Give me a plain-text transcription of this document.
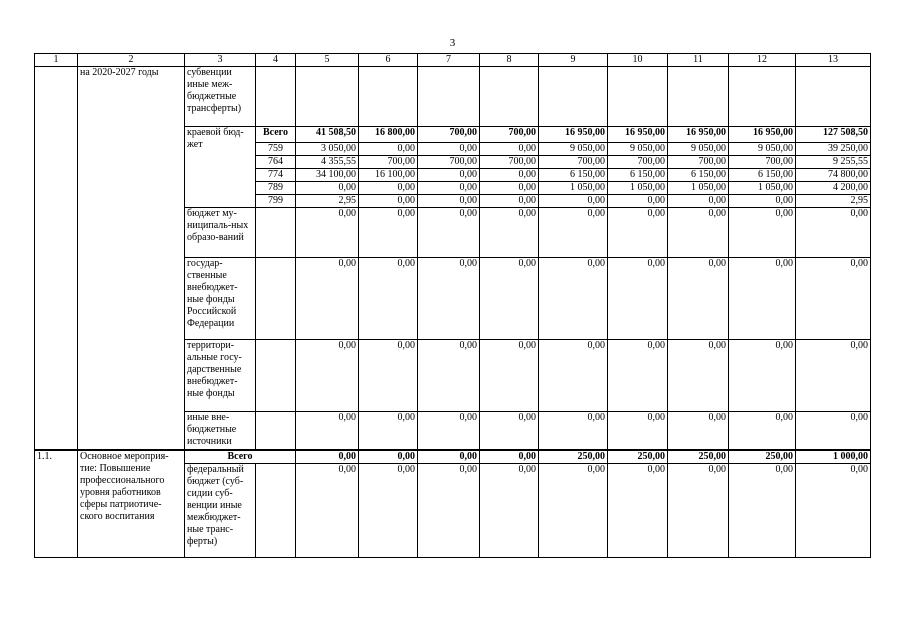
3
1	2	3	4	5	6	7	8	9	10	11	12	13
	на 2020-2027 годы	субвенции иные меж-бюджетные трансферты)										
		краевой бюд-жет	Всего	41 508,50	16 800,00	700,00	700,00	16 950,00	16 950,00	16 950,00	16 950,00	127 508,50
			759	3 050,00	0,00	0,00	0,00	9 050,00	9 050,00	9 050,00	9 050,00	39 250,00
			764	4 355,55	700,00	700,00	700,00	700,00	700,00	700,00	700,00	9 255,55
			774	34 100,00	16 100,00	0,00	0,00	6 150,00	6 150,00	6 150,00	6 150,00	74 800,00
			789	0,00	0,00	0,00	0,00	1 050,00	1 050,00	1 050,00	1 050,00	4 200,00
			799	2,95	0,00	0,00	0,00	0,00	0,00	0,00	0,00	2,95
		бюджет му-ниципаль-ных образо-ваний		0,00	0,00	0,00	0,00	0,00	0,00	0,00	0,00	0,00
		государ-ственные внебюджет-ные фонды Российской Федерации		0,00	0,00	0,00	0,00	0,00	0,00	0,00	0,00	0,00
		территори-альные госу-дарственные внебюджет-ные фонды		0,00	0,00	0,00	0,00	0,00	0,00	0,00	0,00	0,00
		иные вне-бюджетные источники		0,00	0,00	0,00	0,00	0,00	0,00	0,00	0,00	0,00
1.1.	Основное мероприя-тие: Повышение профессионального уровня работников сферы патриотиче-ского воспитания	Всего		0,00	0,00	0,00	0,00	250,00	250,00	250,00	250,00	1 000,00
		федеральный бюджет (суб-сидии суб-венции иные межбюджет-ные транс-ферты)		0,00	0,00	0,00	0,00	0,00	0,00	0,00	0,00	0,00
